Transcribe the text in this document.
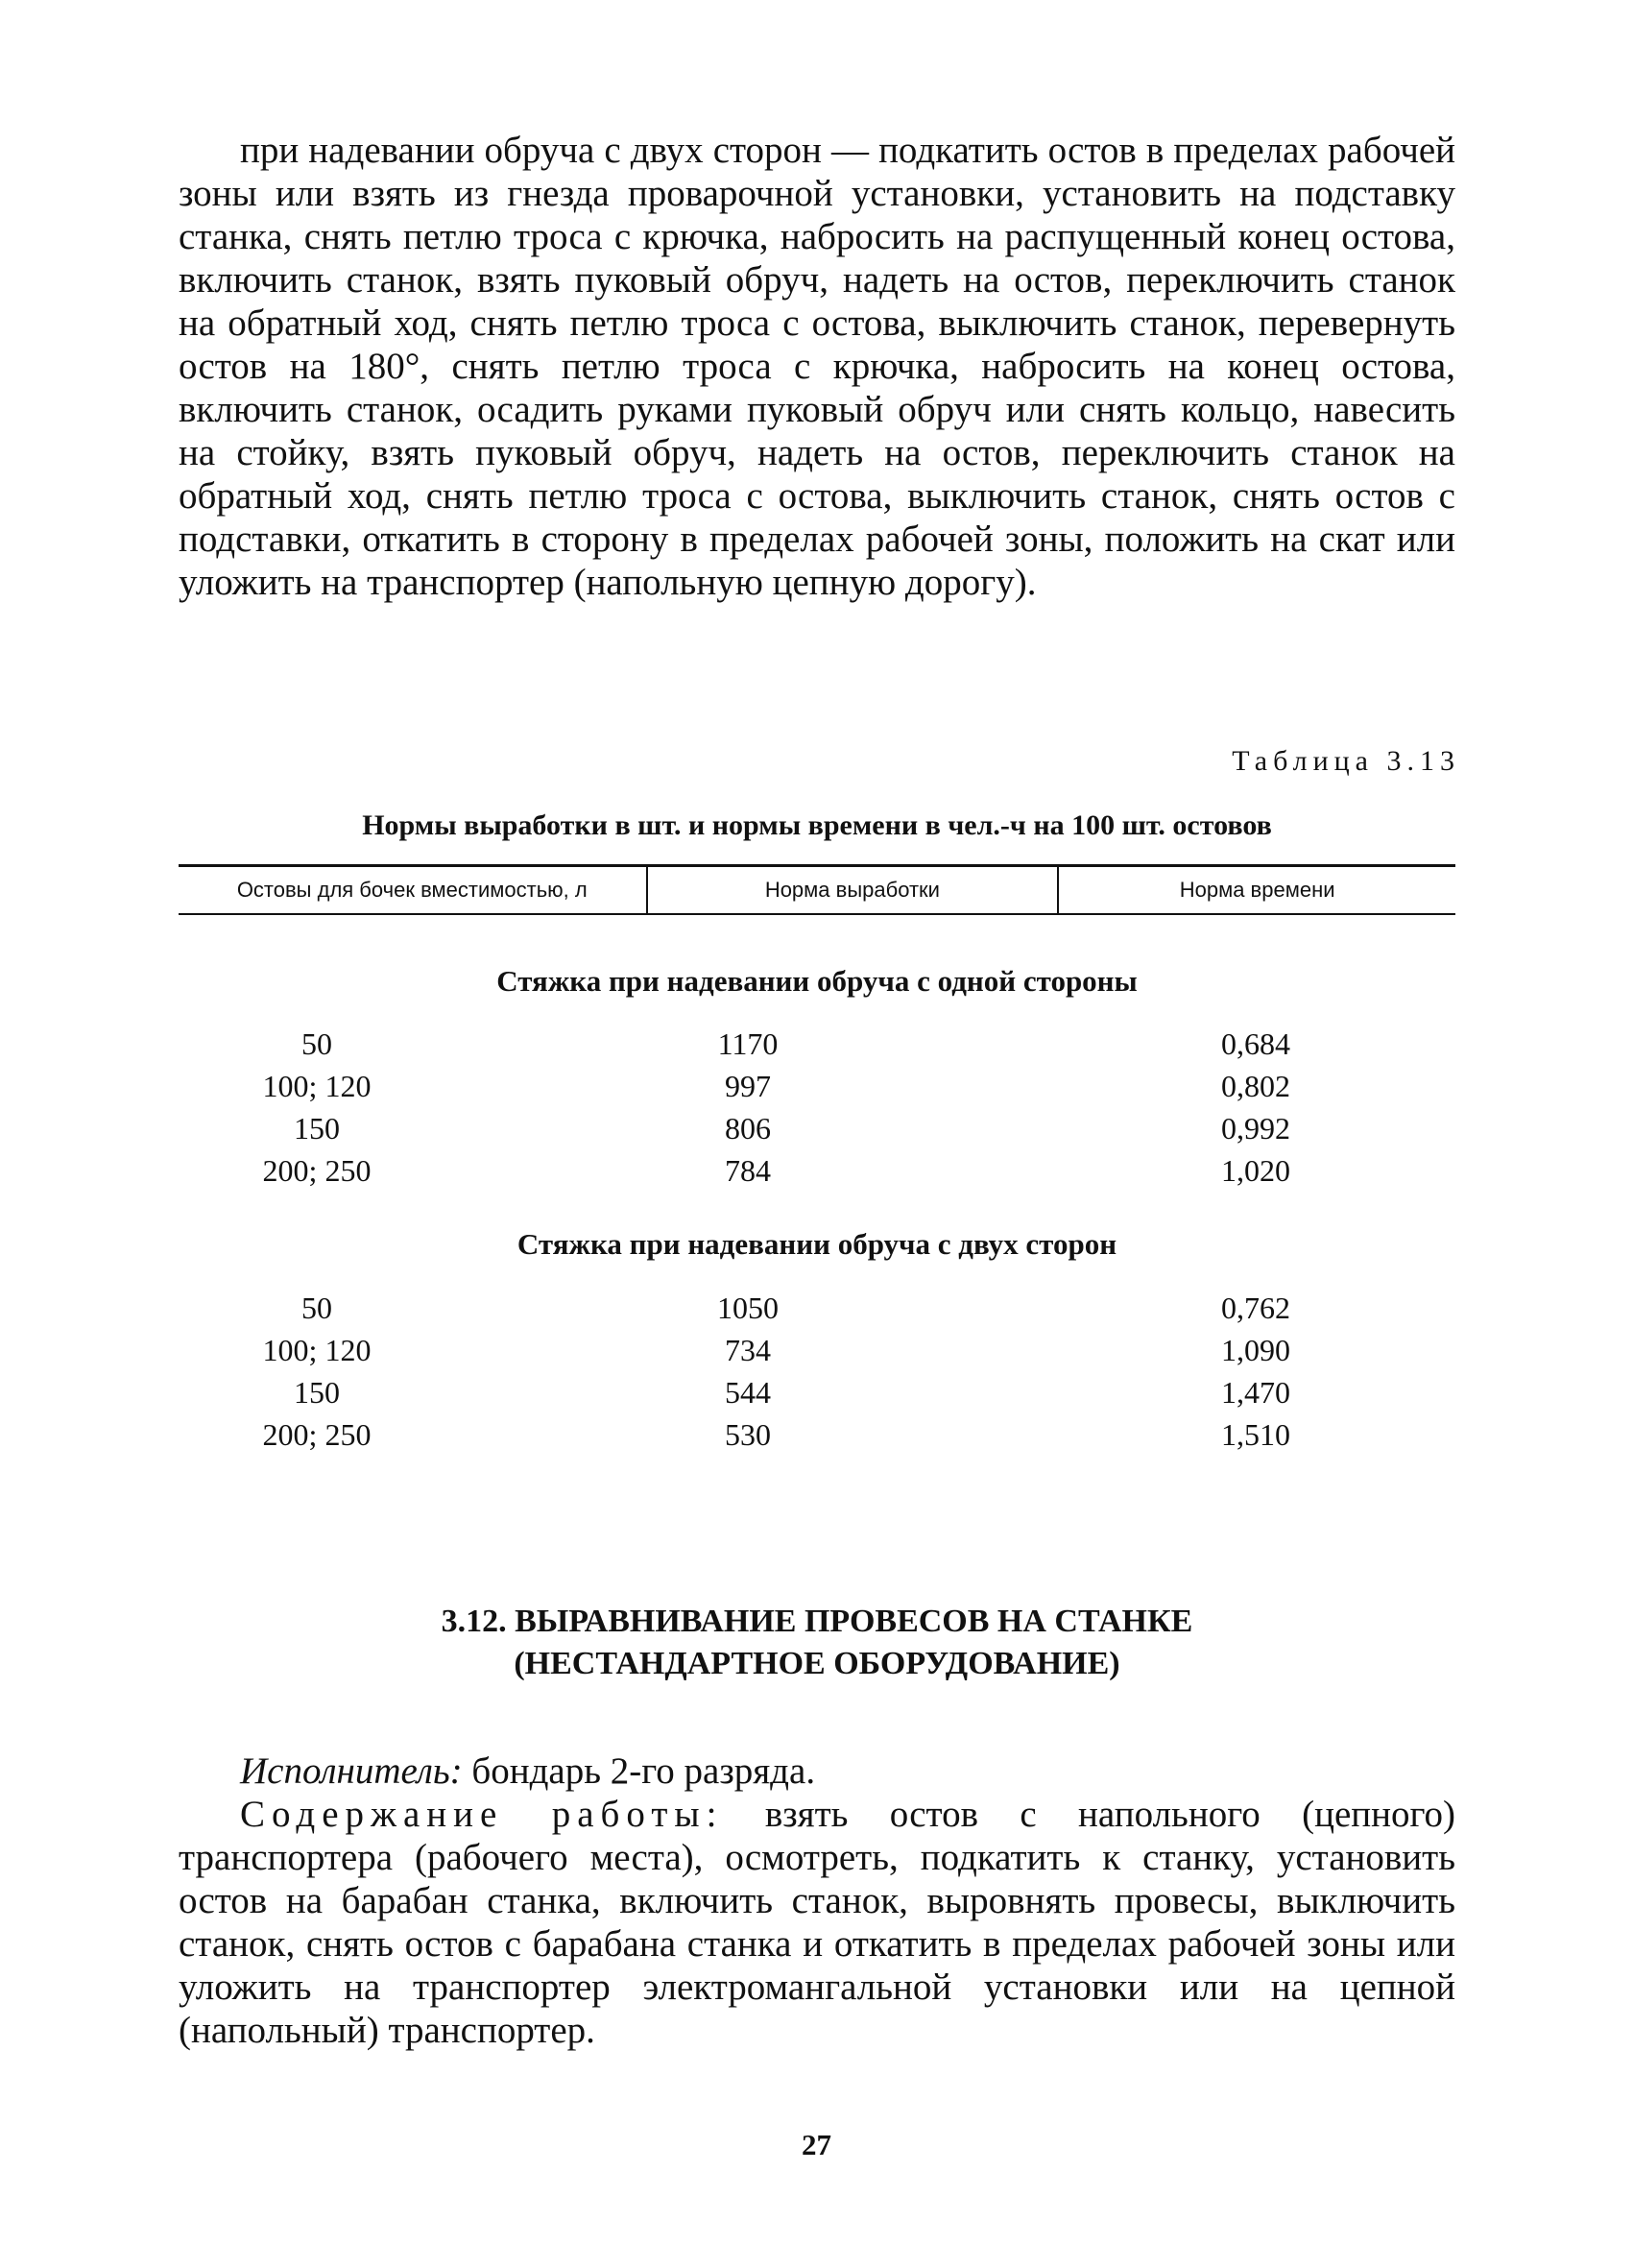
при надевании обруча с двух сторон — подкатить остов в пределах рабочей зоны или взять из гнезда проварочной установки, установить на подставку станка, снять петлю троса с крючка, набросить на распущенный конец остова, включить станок, взять пуковый обруч, надеть на остов, переключить станок на обратный ход, снять петлю троса с остова, выключить станок, перевернуть остов на 180°, снять петлю троса с крючка, набросить на конец остова, включить станок, осадить руками пуковый обруч или снять кольцо, навесить на стойку, взять пуковый обруч, надеть на остов, переключить станок на обратный ход, снять петлю троса с остова, выключить станок, снять остов с подставки, откатить в сторону в пределах рабочей зоны, положить на скат или уложить на транспортер (напольную цепную дорогу).
Таблица 3.13
Нормы выработки в шт. и нормы времени в чел.-ч на 100 шт. остовов
Остовы для бочек вместимостью, л	Норма выработки	Норма времени
Стяжка при надевании обруча с одной стороны
50	1170	0,684
100; 120	997	0,802
150	806	0,992
200; 250	784	1,020
Стяжка при надевании обруча с двух сторон
50	1050	0,762
100; 120	734	1,090
150	544	1,470
200; 250	530	1,510
3.12. ВЫРАВНИВАНИЕ ПРОВЕСОВ НА СТАНКЕ
(НЕСТАНДАРТНОЕ ОБОРУДОВАНИЕ)
Исполнитель: бондарь 2-го разряда.
Содержание работы: взять остов с напольного (цепного) транспортера (рабочего места), осмотреть, подкатить к станку, установить остов на барабан станка, включить станок, выровнять провесы, выключить станок, снять остов с барабана станка и откатить в пределах рабочей зоны или уложить на транспортер электромангальной установки или на цепной (напольный) транспортер.
27
